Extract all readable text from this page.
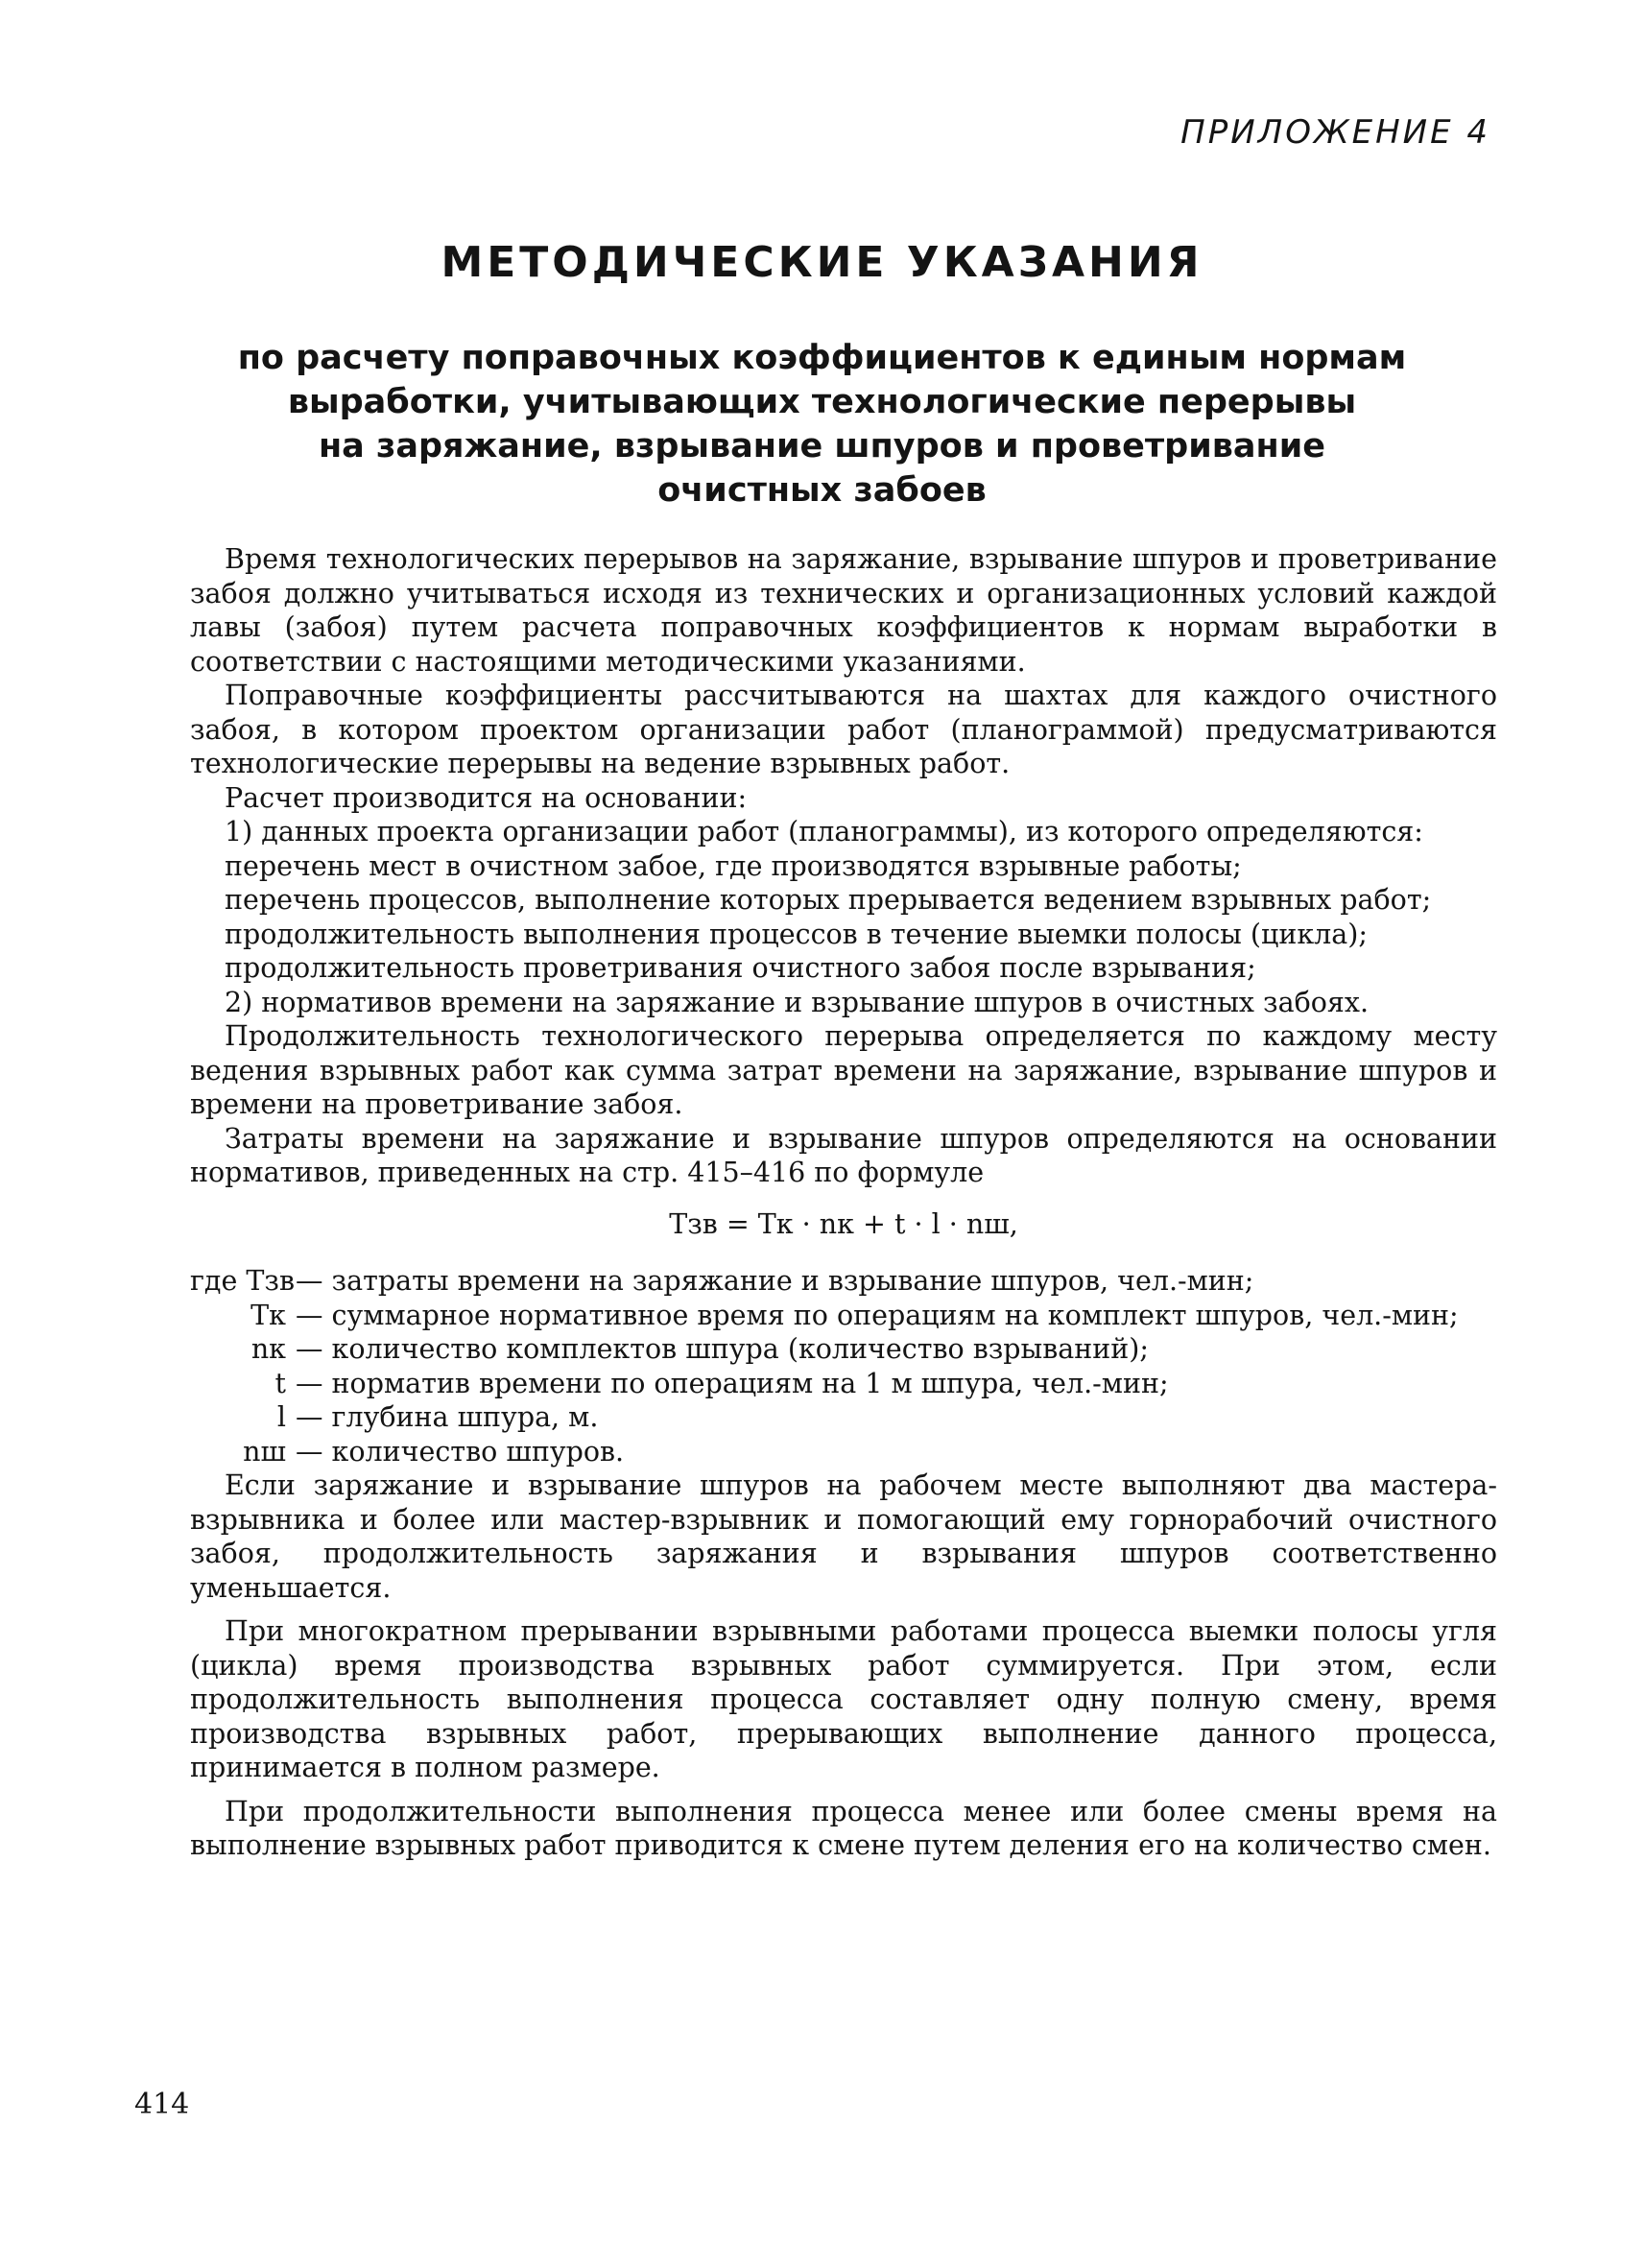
ПРИЛОЖЕНИЕ 4
МЕТОДИЧЕСКИЕ УКАЗАНИЯ
по расчету поправочных коэффициентов к единым нормам
выработки, учитывающих технологические перерывы
на заряжание, взрывание шпуров и проветривание
очистных забоев

Время технологических перерывов на заряжание, взрывание шпуров и проветривание забоя должно учитываться исходя из технических и организационных условий каждой лавы (забоя) путем расчета поправочных коэффициентов к нормам выработки в соответствии с настоящими методическими указаниями.

Поправочные коэффициенты рассчитываются на шахтах для каждого очистного забоя, в котором проектом организации работ (планограммой) предусматриваются технологические перерывы на ведение взрывных работ.

Расчет производится на основании:

1) данных проекта организации работ (планограммы), из которого определяются:

перечень мест в очистном забое, где производятся взрывные работы;

перечень процессов, выполнение которых прерывается ведением взрывных работ;

продолжительность выполнения процессов в течение выемки полосы (цикла);

продолжительность проветривания очистного забоя после взрывания;

2) нормативов времени на заряжание и взрывание шпуров в очистных забоях.

Продолжительность технологического перерыва определяется по каждому месту ведения взрывных работ как сумма затрат времени на заряжание, взрывание шпуров и времени на проветривание забоя.

Затраты времени на заряжание и взрывание шпуров определяются на основании нормативов, приведенных на стр. 415–416 по формуле

Тзв = Тк · nк + t · l · nш,
где Тзв — затраты времени на заряжание и взрывание шпуров, чел.-мин;
Тк — суммарное нормативное время по операциям на комплект шпуров, чел.-мин;
nк — количество комплектов шпура (количество взрываний);
t — норматив времени по операциям на 1 м шпура, чел.-мин;
l — глубина шпура, м.
nш — количество шпуров.

Если заряжание и взрывание шпуров на рабочем месте выполняют два мастера-взрывника и более или мастер-взрывник и помогающий ему горнорабочий очистного забоя, продолжительность заряжания и взрывания шпуров соответственно уменьшается.

При многократном прерывании взрывными работами процесса выемки полосы угля (цикла) время производства взрывных работ суммируется. При этом, если продолжительность выполнения процесса составляет одну полную смену, время производства взрывных работ, прерывающих выполнение данного процесса, принимается в полном размере.

При продолжительности выполнения процесса менее или более смены время на выполнение взрывных работ приводится к смене путем деления его на количество смен.

414
